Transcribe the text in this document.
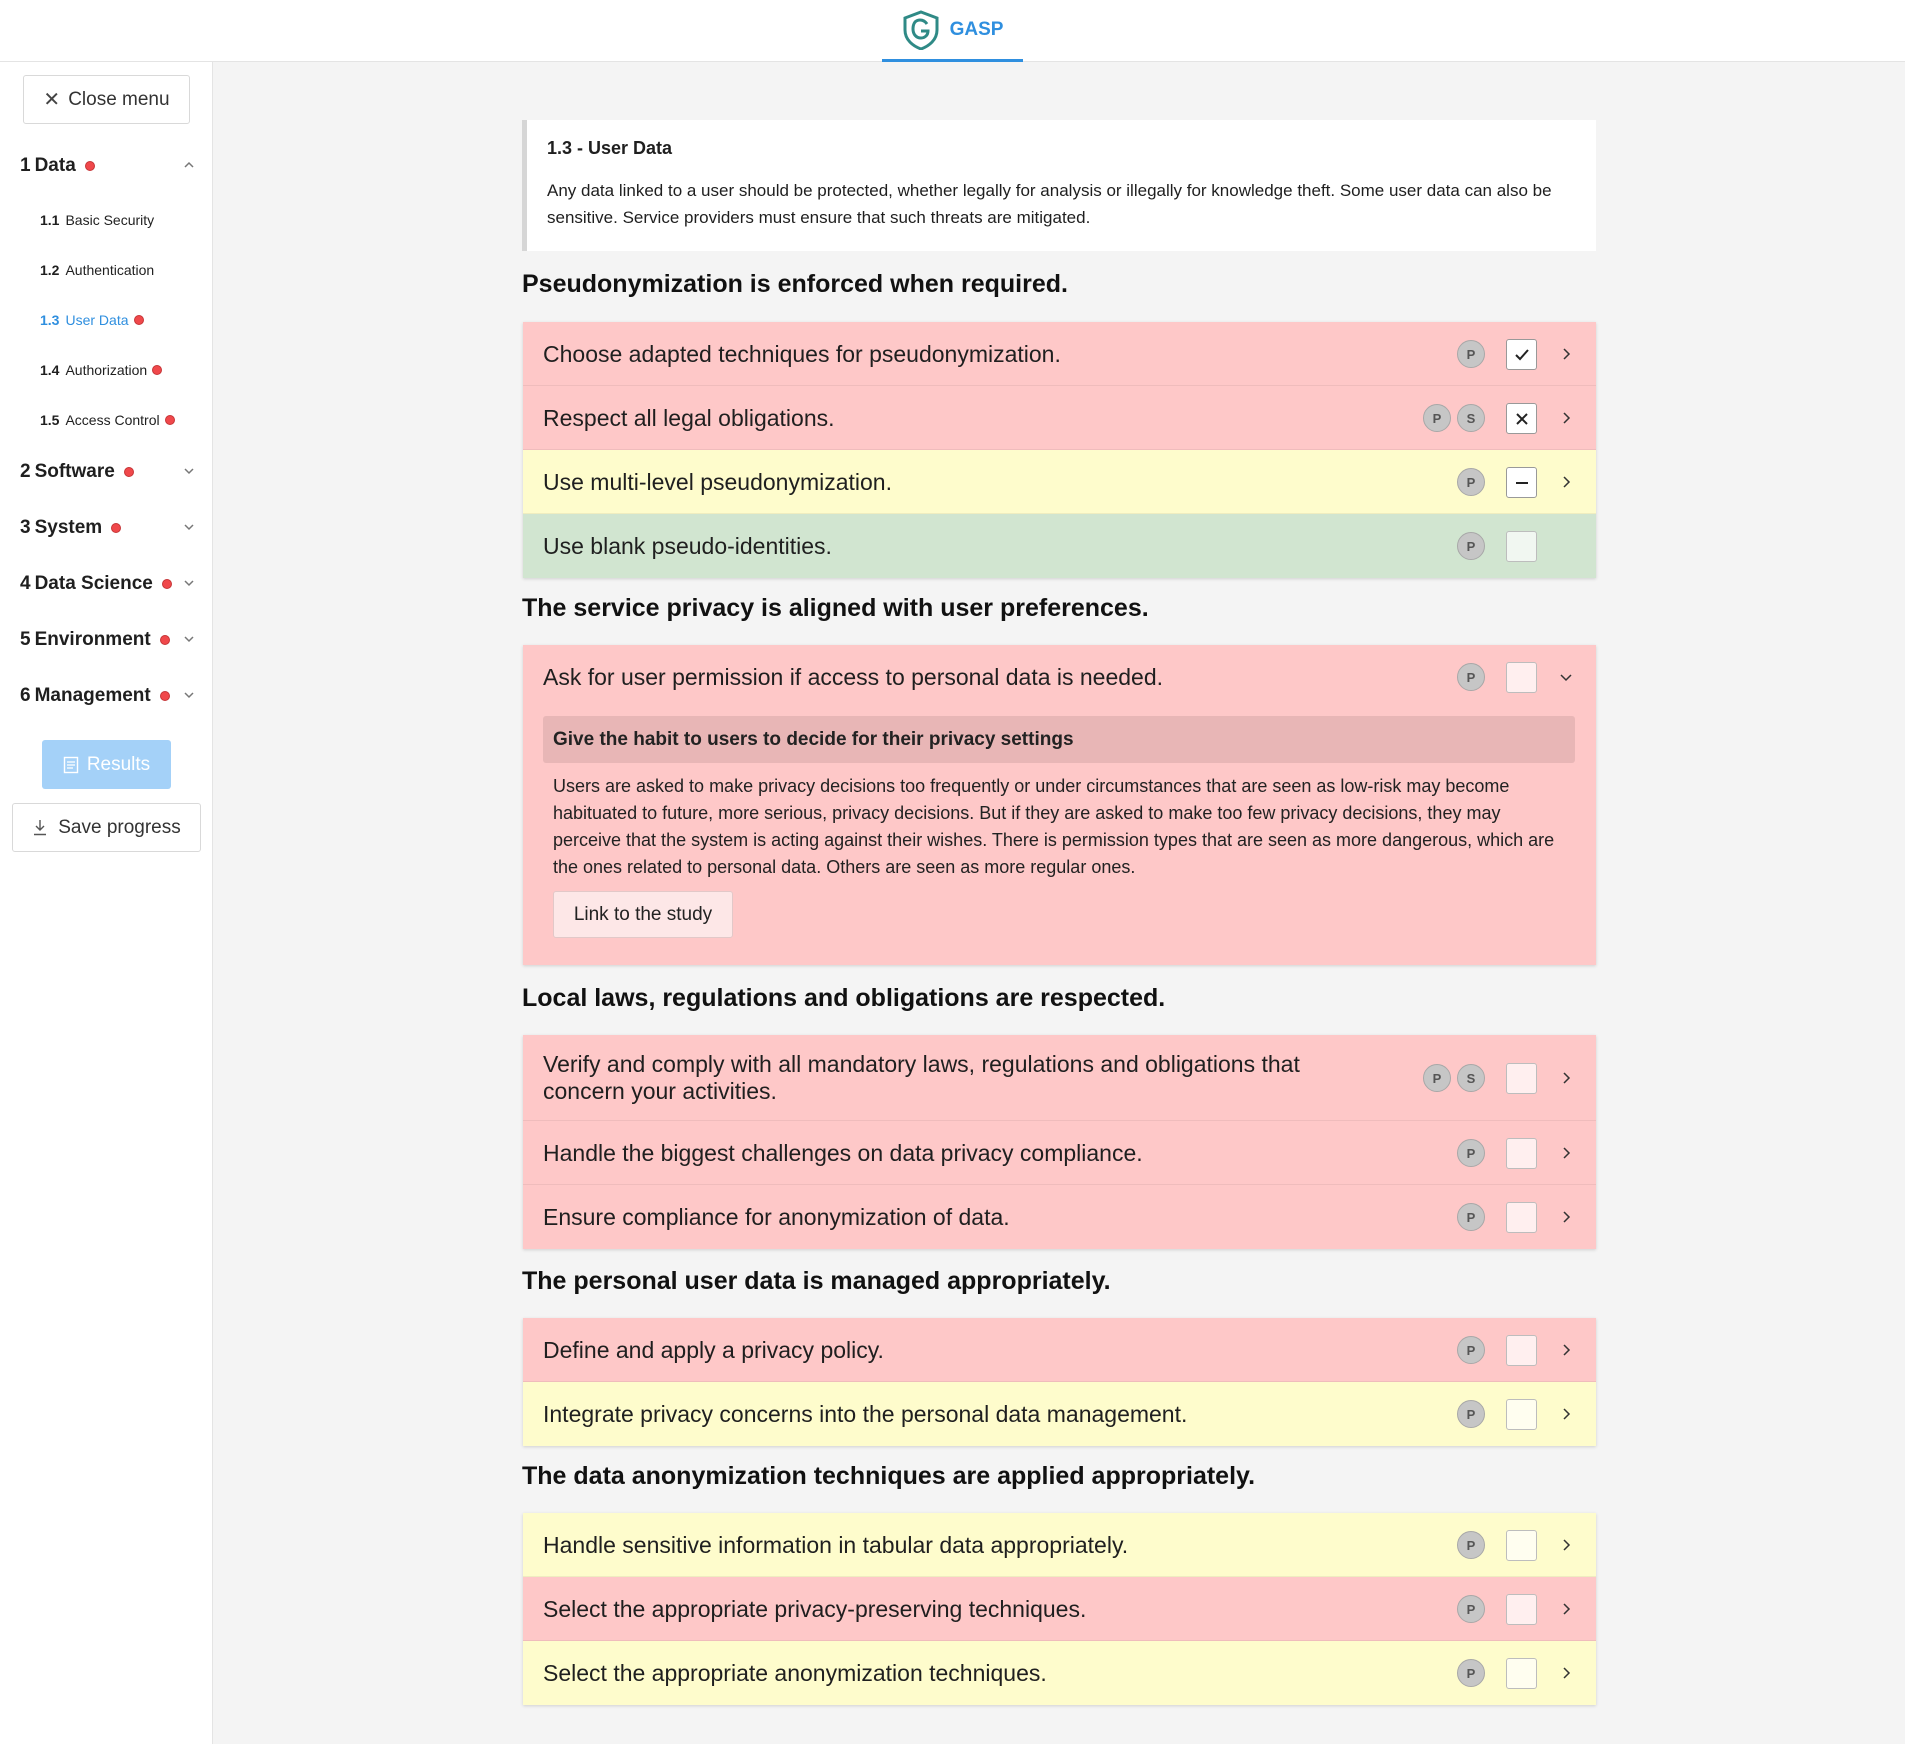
GASP
✕ Close menu
1 Data
1.1 Basic Security
1.2 Authentication
1.3 User Data
1.4 Authorization
1.5 Access Control
2 Software
3 System
4 Data Science
5 Environment
6 Management
Results
Save progress
1.3 - User Data
Any data linked to a user should be protected, whether legally for analysis or illegally for knowledge theft. Some user data can also be sensitive. Service providers must ensure that such threats are mitigated.
Pseudonymization is enforced when required.
Choose adapted techniques for pseudonymization.	P
Respect all legal obligations.	P	S
Use multi-level pseudonymization.	P
Use blank pseudo-identities.	P
The service privacy is aligned with user preferences.
Ask for user permission if access to personal data is needed.	P
Give the habit to users to decide for their privacy settings
Users are asked to make privacy decisions too frequently or under circumstances that are seen as low-risk may become habituated to future, more serious, privacy decisions. But if they are asked to make too few privacy decisions, they may perceive that the system is acting against their wishes. There is permission types that are seen as more dangerous, which are the ones related to personal data. Others are seen as more regular ones.
Link to the study
Local laws, regulations and obligations are respected.
Verify and comply with all mandatory laws, regulations and obligations that concern your activities.	P	S
Handle the biggest challenges on data privacy compliance.	P
Ensure compliance for anonymization of data.	P
The personal user data is managed appropriately.
Define and apply a privacy policy.	P
Integrate privacy concerns into the personal data management.	P
The data anonymization techniques are applied appropriately.
Handle sensitive information in tabular data appropriately.	P
Select the appropriate privacy-preserving techniques.	P
Select the appropriate anonymization techniques.	P
